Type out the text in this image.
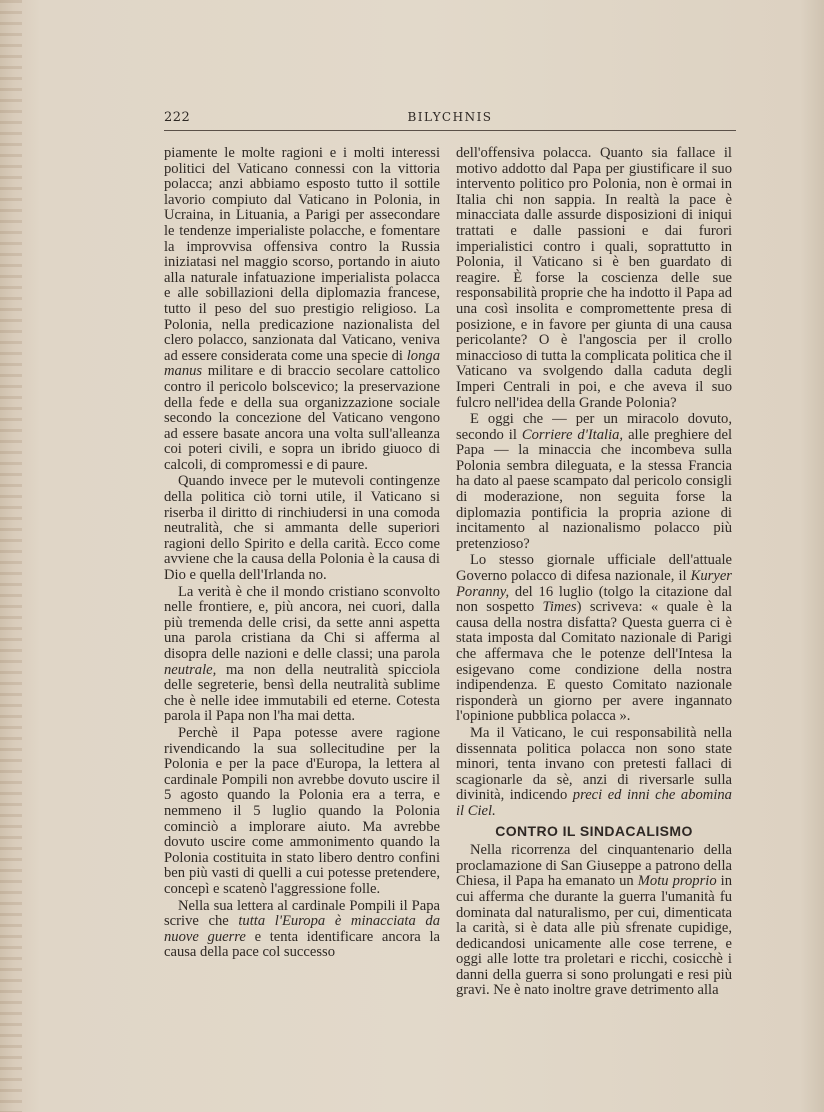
222	BILYCHNIS

piamente le molte ragioni e i molti interessi politici del Vaticano connessi con la vittoria polacca; anzi abbiamo esposto tutto il sottile lavorio compiuto dal Vaticano in Polonia, in Ucraina, in Lituania, a Parigi per assecondare le tendenze imperialiste polacche, e fomentare la improvvisa offensiva contro la Russia iniziatasi nel maggio scorso, portando in aiuto alla naturale infatuazione imperialista polacca e alle sobillazioni della diplomazia francese, tutto il peso del suo prestigio religioso. La Polonia, nella predicazione nazionalista del clero polacco, sanzionata dal Vaticano, veniva ad essere considerata come una specie di longa manus militare e di braccio secolare cattolico contro il pericolo bolscevico; la preservazione della fede e della sua organizzazione sociale secondo la concezione del Vaticano vengono ad essere basate ancora una volta sull'alleanza coi poteri civili, e sopra un ibrido giuoco di calcoli, di compromessi e di paure.

Quando invece per le mutevoli contingenze della politica ciò torni utile, il Vaticano si riserba il diritto di rinchiudersi in una comoda neutralità, che si ammanta delle superiori ragioni dello Spirito e della carità. Ecco come avviene che la causa della Polonia è la causa di Dio e quella dell'Irlanda no.

La verità è che il mondo cristiano sconvolto nelle frontiere, e, più ancora, nei cuori, dalla più tremenda delle crisi, da sette anni aspetta una parola cristiana da Chi si afferma al disopra delle nazioni e delle classi; una parola neutrale, ma non della neutralità spicciola delle segreterie, bensì della neutralità sublime che è nelle idee immutabili ed eterne. Cotesta parola il Papa non l'ha mai detta.

Perchè il Papa potesse avere ragione rivendicando la sua sollecitudine per la Polonia e per la pace d'Europa, la lettera al cardinale Pompili non avrebbe dovuto uscire il 5 agosto quando la Polonia era a terra, e nemmeno il 5 luglio quando la Polonia cominciò a implorare aiuto. Ma avrebbe dovuto uscire come ammonimento quando la Polonia costituita in stato libero dentro confini ben più vasti di quelli a cui potesse pretendere, concepì e scatenò l'aggressione folle.

Nella sua lettera al cardinale Pompili il Papa scrive che tutta l'Europa è minacciata da nuove guerre e tenta identificare ancora la causa della pace col successo

dell'offensiva polacca. Quanto sia fallace il motivo addotto dal Papa per giustificare il suo intervento politico pro Polonia, non è ormai in Italia chi non sappia. In realtà la pace è minacciata dalle assurde disposizioni di iniqui trattati e dalle passioni e dai furori imperialistici contro i quali, soprattutto in Polonia, il Vaticano si è ben guardato di reagire. È forse la coscienza delle sue responsabilità proprie che ha indotto il Papa ad una così insolita e compromettente presa di posizione, e in favore per giunta di una causa pericolante? O è l'angoscia per il crollo minaccioso di tutta la complicata politica che il Vaticano va svolgendo dalla caduta degli Imperi Centrali in poi, e che aveva il suo fulcro nell'idea della Grande Polonia?

E oggi che — per un miracolo dovuto, secondo il Corriere d'Italia, alle preghiere del Papa — la minaccia che incombeva sulla Polonia sembra dileguata, e la stessa Francia ha dato al paese scampato dal pericolo consigli di moderazione, non seguita forse la diplomazia pontificia la propria azione di incitamento al nazionalismo polacco più pretenzioso?

Lo stesso giornale ufficiale dell'attuale Governo polacco di difesa nazionale, il Kuryer Poranny, del 16 luglio (tolgo la citazione dal non sospetto Times) scriveva: « quale è la causa della nostra disfatta? Questa guerra ci è stata imposta dal Comitato nazionale di Parigi che affermava che le potenze dell'Intesa la esigevano come condizione della nostra indipendenza. E questo Comitato nazionale risponderà un giorno per avere ingannato l'opinione pubblica polacca ».

Ma il Vaticano, le cui responsabilità nella dissennata politica polacca non sono state minori, tenta invano con pretesti fallaci di scagionarle da sè, anzi di riversarle sulla divinità, indicendo preci ed inni che abomina il Ciel.

CONTRO IL SINDACALISMO

Nella ricorrenza del cinquantenario della proclamazione di San Giuseppe a patrono della Chiesa, il Papa ha emanato un Motu proprio in cui afferma che durante la guerra l'umanità fu dominata dal naturalismo, per cui, dimenticata la carità, si è data alle più sfrenate cupidige, dedicandosi unicamente alle cose terrene, e oggi alle lotte tra proletari e ricchi, cosicchè i danni della guerra si sono prolungati e resi più gravi. Ne è nato inoltre grave detrimento alla
